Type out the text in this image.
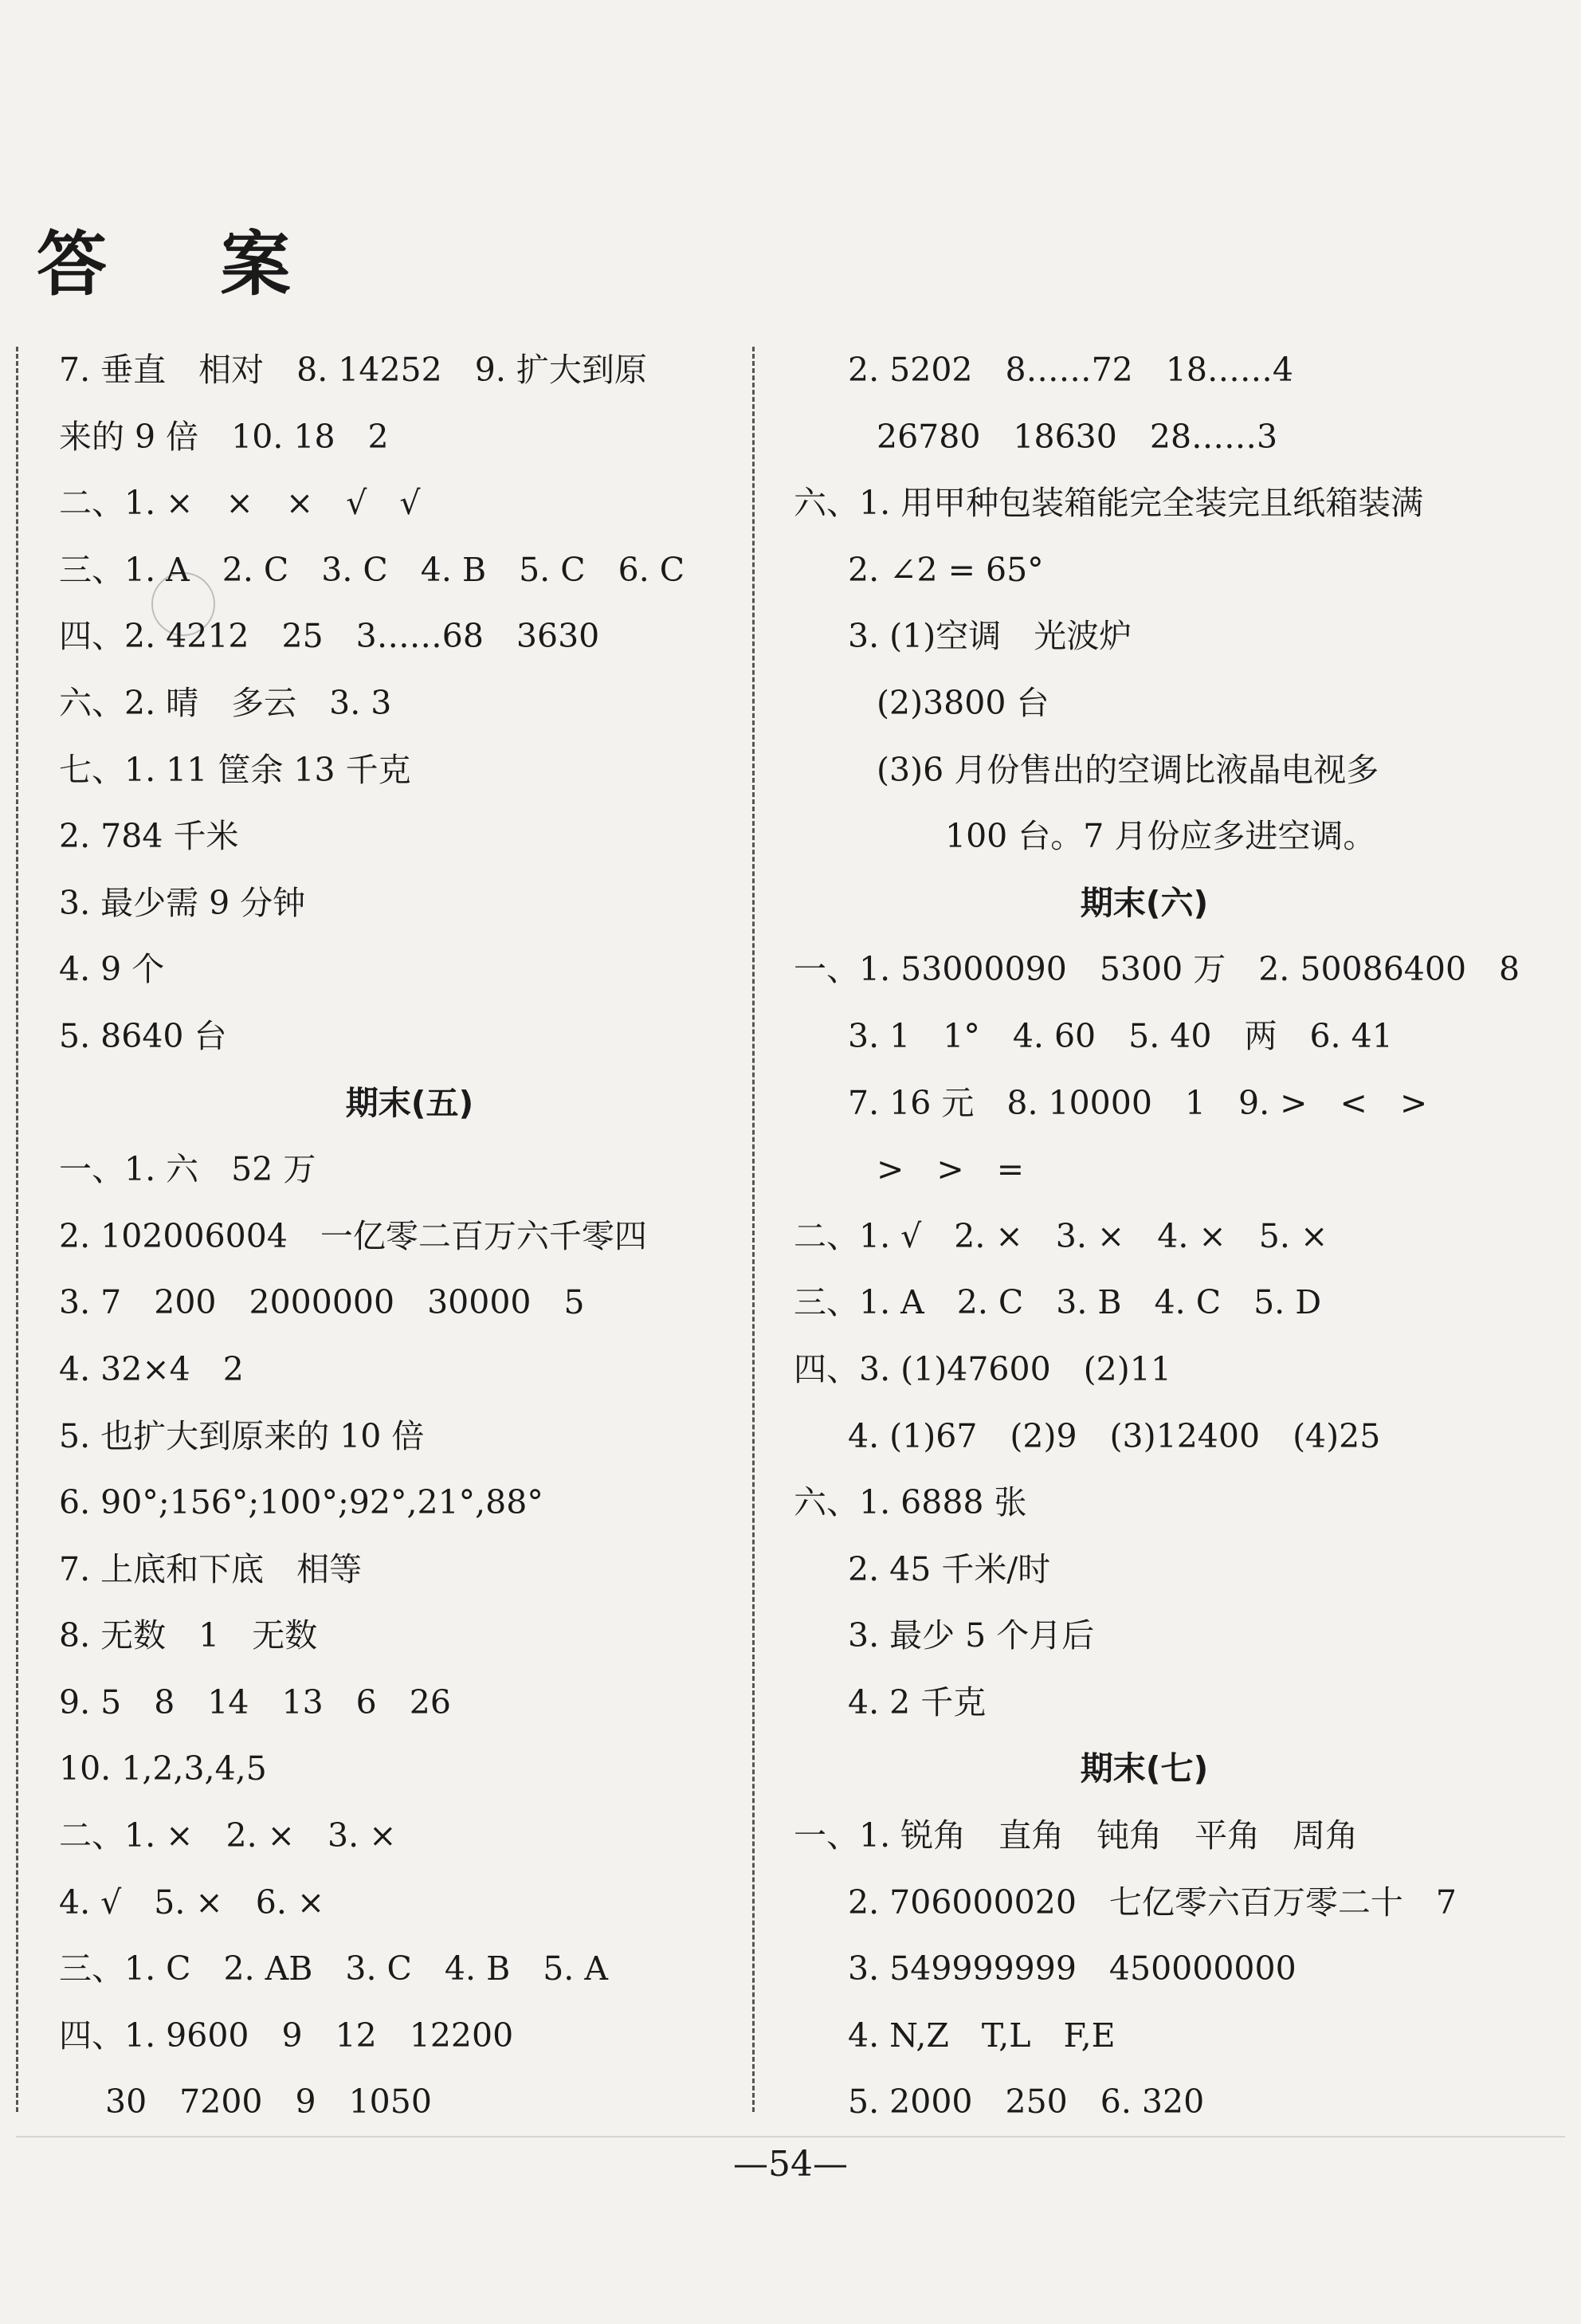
答 案
7. 垂直　相对　8. 14252　9. 扩大到原
来的 9 倍　10. 18　2
二、1. ×　×　×　√　√
三、1. A　2. C　3. C　4. B　5. C　6. C
四、2. 4212　25　3……68　3630
六、2. 晴　多云　3. 3
七、1. 11 筐余 13 千克
2. 784 千米
3. 最少需 9 分钟
4. 9 个
5. 8640 台
期末(五)
一、1. 六　52 万
2. 102006004　一亿零二百万六千零四
3. 7　200　2000000　30000　5
4. 32×4　2
5. 也扩大到原来的 10 倍
6. 90°;156°;100°;92°,21°,88°
7. 上底和下底　相等
8. 无数　1　无数
9. 5　8　14　13　6　26
10. 1,2,3,4,5
二、1. ×　2. ×　3. ×
4. √　5. ×　6. ×
三、1. C　2. AB　3. C　4. B　5. A
四、1. 9600　9　12　12200
30　7200　9　1050
2. 5202　8……72　18……4
26780　18630　28……3
六、1. 用甲种包装箱能完全装完且纸箱装满
2. ∠2 = 65°
3. (1)空调　光波炉
(2)3800 台
(3)6 月份售出的空调比液晶电视多
100 台。7 月份应多进空调。
期末(六)
一、1. 53000090　5300 万　2. 50086400　8
3. 1　1°　4. 60　5. 40　两　6. 41
7. 16 元　8. 10000　1　9. >　<　>
>　>　=
二、1. √　2. ×　3. ×　4. ×　5. ×
三、1. A　2. C　3. B　4. C　5. D
四、3. (1)47600　(2)11
4. (1)67　(2)9　(3)12400　(4)25
六、1. 6888 张
2. 45 千米/时
3. 最少 5 个月后
4. 2 千克
期末(七)
一、1. 锐角　直角　钝角　平角　周角
2. 706000020　七亿零六百万零二十　7
3. 549999999　450000000
4. N,Z　T,L　F,E
5. 2000　250　6. 320
—54—
